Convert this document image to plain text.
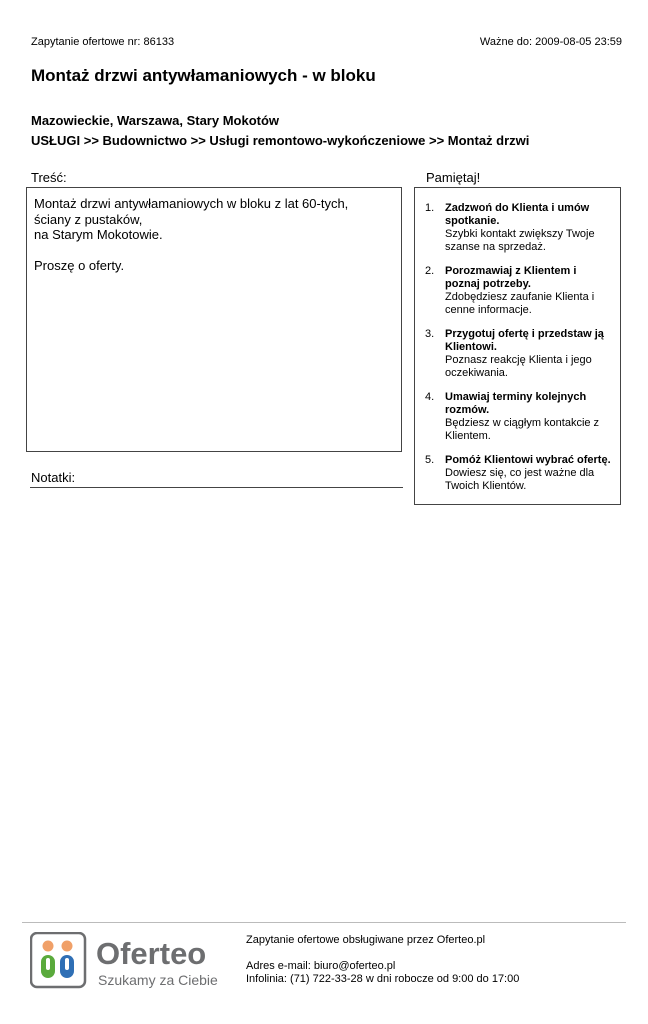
Zapytanie ofertowe nr: 86133	Ważne do: 2009-08-05 23:59
Montaż drzwi antywłamaniowych - w bloku
Mazowieckie, Warszawa, Stary Mokotów
USŁUGI >> Budownictwo >> Usługi remontowo-wykończeniowe >> Montaż drzwi
Treść:
Montaż drzwi antywłamaniowych w bloku z lat 60-tych,
ściany z pustaków,
na Starym Mokotowie.
Proszę o oferty.
Notatki:
Pamiętaj!
1. Zadzwoń do Klienta i umów spotkanie.
Szybki kontakt zwiększy Twoje szanse na sprzedaż.
2. Porozmawiaj z Klientem i poznaj potrzeby.
Zdobędziesz zaufanie Klienta i cenne informacje.
3. Przygotuj ofertę i przedstaw ją Klientowi.
Poznasz reakcję Klienta i jego oczekiwania.
4. Umawiaj terminy kolejnych rozmów.
Będziesz w ciągłym kontakcie z Klientem.
5. Pomóż Klientowi wybrać ofertę.
Dowiesz się, co jest ważne dla Twoich Klientów.
Oferteo
Szukamy za Ciebie
Zapytanie ofertowe obsługiwane przez Oferteo.pl
Adres e-mail: biuro@oferteo.pl
Infolinia: (71) 722-33-28 w dni robocze od 9:00 do 17:00
